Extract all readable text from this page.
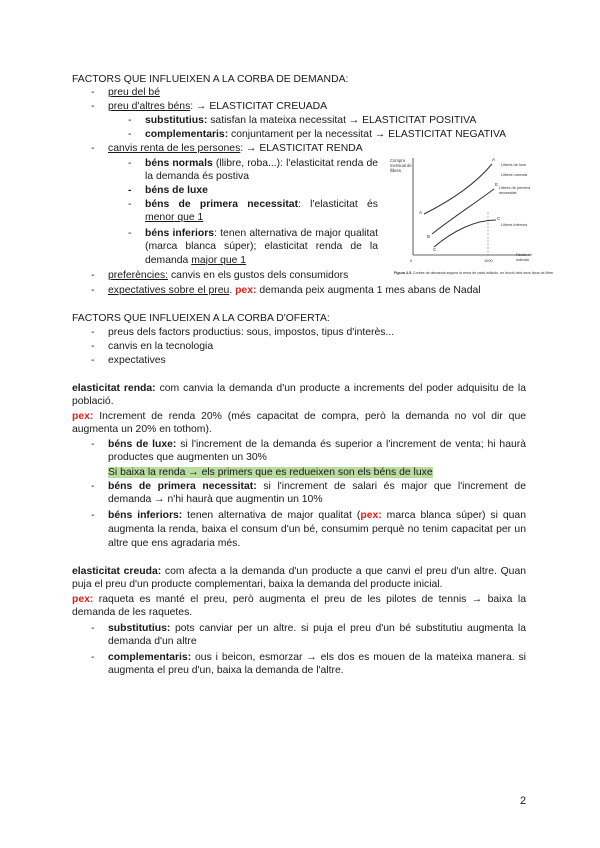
FACTORS QUE INFLUEIXEN A LA CORBA DE DEMANDA:
- preu del bé
- preu d'altres béns: → ELASTICITAT CREUADA
- substitutius: satisfan la mateixa necessitat → ELASTICITAT POSITIVA
- complementaris: conjuntament per la necessitat → ELASTICITAT NEGATIVA
- canvis renta de les persones: → ELASTICITAT RENDA
- béns normals (llibre, roba...): l'elasticitat renda de la demanda és postiva
- béns de luxe
- béns de primera necessitat: l'elasticitat és menor que 1
- béns inferiors: tenen alternativa de major qualitat (marca blanca súper); elasticitat renda de la demanda major que 1
- preferències: canvis en els gustos dels consumidors
- expectatives sobre el preu. pex: demanda peix augmenta 1 mes abans de Nadal
Compra
mensual de
llibres
A
A
B
C
E
C
Llibres de luxe
Llibres normals
Llibres de primera
necessitat
Llibres inferiors
Renta de
individu
1000
0
Figura 4.5. Corbes de demanda segons la renta de cada individu, en funció dels seus tipus de llibre.
FACTORS QUE INFLUEIXEN A LA CORBA D'OFERTA:
- preus dels factors productius: sous, impostos, tipus d'interès...
- canvis en la tecnologia
- expectatives
elasticitat renda: com canvia la demanda d'un producte a increments del poder adquisitu de la població.
pex: Increment de renda 20% (més capacitat de compra, però la demanda no vol dir que augmenta un 20% en tothom).
- béns de luxe: si l'increment de la demanda és superior a l'increment de venta; hi haurà productes que augmenten un 30%
Si baixa la renda → els primers que es redueixen son els béns de luxe
- béns de primera necessitat: si l'increment de salari és major que l'increment de demanda → n'hi haurà que augmentin un 10%
- béns inferiors: tenen alternativa de major qualitat (pex: marca blanca súper) si quan augmenta la renda, baixa el consum d'un bé, consumim perquè no tenim capacitat per un altre que ens agradaria més.
elasticitat creuda: com afecta a la demanda d'un producte a que canvi el preu d'un altre. Quan puja el preu d'un producte complementari, baixa la demanda del producte inicial.
pex: raqueta es manté el preu, però augmenta el preu de les pilotes de tennis → baixa la demanda de les raquetes.
- substitutius: pots canviar per un altre. si puja el preu d'un bé substitutiu augmenta la demanda d'un altre
- complementaris: ous i beicon, esmorzar → els dos es mouen de la mateixa manera. si augmenta el preu d'un, baixa la demanda de l'altre.
2
